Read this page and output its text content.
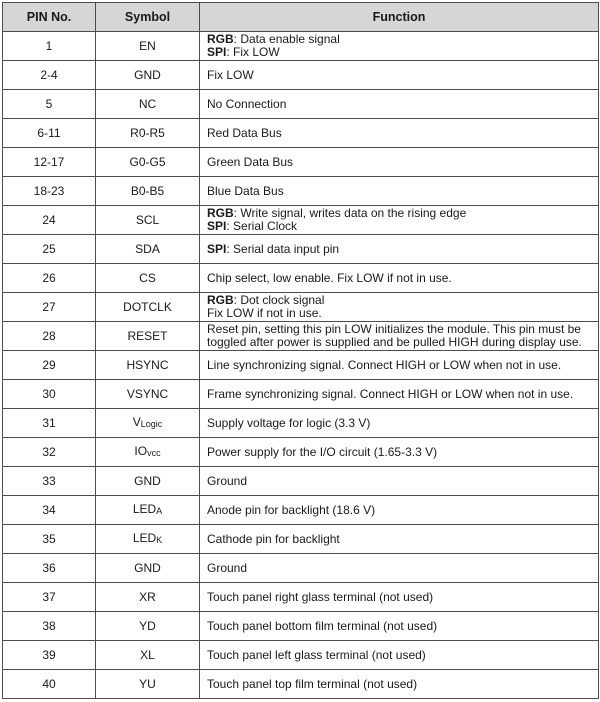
PIN No.	Symbol	Function
1	EN	RGB: Data enable signal
SPI: Fix LOW

2-4	GND	Fix LOW

5	NC	No Connection

6-11	R0-R5	Red Data Bus

12-17	G0-G5	Green Data Bus

18-23	B0-B5	Blue Data Bus

24	SCL	RGB: Write signal, writes data on the rising edge
SPI: Serial Clock

25	SDA	SPI: Serial data input pin

26	CS	Chip select, low enable. Fix LOW if not in use.

27	DOTCLK	RGB: Dot clock signal
Fix LOW if not in use.

28	RESET	Reset pin, setting this pin LOW initializes the module. This pin must be
toggled after power is supplied and be pulled HIGH during display use.

29	HSYNC	Line synchronizing signal. Connect HIGH or LOW when not in use.

30	VSYNC	Frame synchronizing signal. Connect HIGH or LOW when not in use.

31	VLogic	Supply voltage for logic (3.3 V)

32	IOvcc	Power supply for the I/O circuit (1.65-3.3 V)

33	GND	Ground

34	LEDA	Anode pin for backlight (18.6 V)

35	LEDK	Cathode pin for backlight

36	GND	Ground

37	XR	Touch panel right glass terminal (not used)

38	YD	Touch panel bottom film terminal (not used)

39	XL	Touch panel left glass terminal (not used)

40	YU	Touch panel top film terminal (not used)
